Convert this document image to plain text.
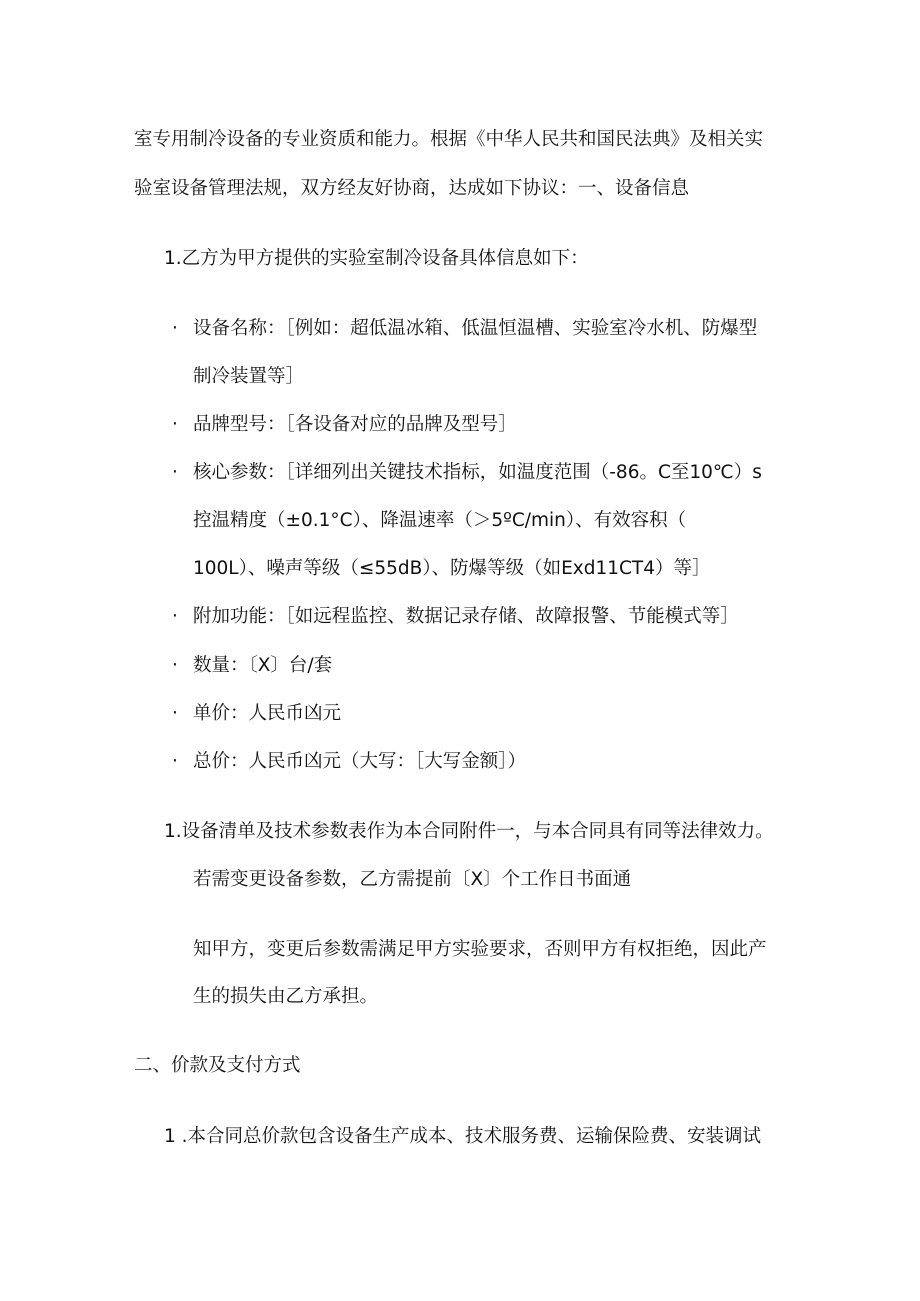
室专用制冷设备的专业资质和能力。根据《中华人民共和国民法典》及相关实
验室设备管理法规，双方经友好协商，达成如下协议：一、设备信息
1.乙方为甲方提供的实验室制冷设备具体信息如下：
· 设备名称：［例如：超低温冰箱、低温恒温槽、实验室冷水机、防爆型
制冷装置等］
· 品牌型号：［各设备对应的品牌及型号］
· 核心参数：［详细列出关键技术指标，如温度范围（-86。C至10℃）s
控温精度（±0.1°C）、降温速率（＞5ºC/min）、有效容积（
100L）、噪声等级（≤55dB）、防爆等级（如Exd11CT4）等］
· 附加功能：［如远程监控、数据记录存储、故障报警、节能模式等］
· 数量：〔X〕台/套
· 单价：人民币凶元
· 总价：人民币凶元（大写：［大写金额］）
1.设备清单及技术参数表作为本合同附件一，与本合同具有同等法律效力。
若需变更设备参数，乙方需提前〔X〕个工作日书面通
知甲方，变更后参数需满足甲方实验要求，否则甲方有权拒绝，因此产
生的损失由乙方承担。
二、价款及支付方式
1 .本合同总价款包含设备生产成本、技术服务费、运输保险费、安装调试
